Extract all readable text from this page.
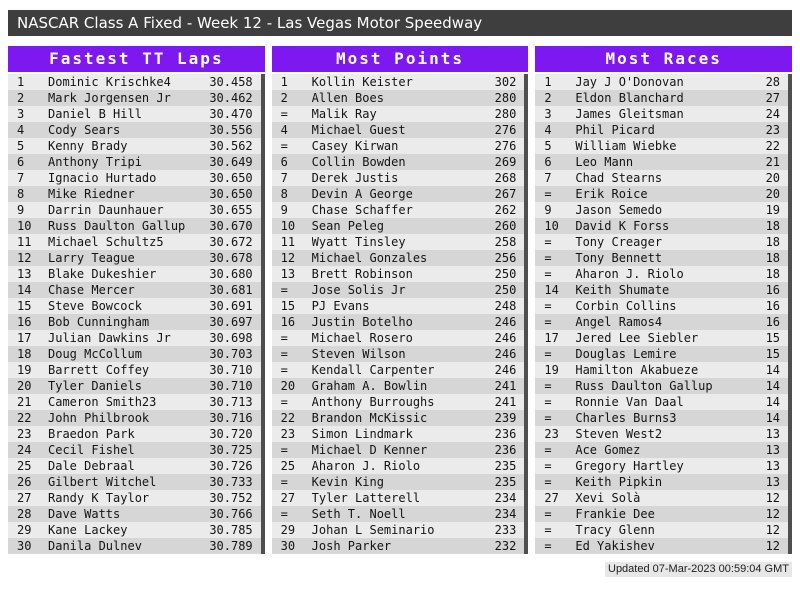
NASCAR Class A Fixed - Week 12 - Las Vegas Motor Speedway
Fastest TT Laps
1	Dominic Krischke4	30.458
2	Mark Jorgensen Jr	30.462
3	Daniel B Hill	30.470
4	Cody Sears	30.556
5	Kenny Brady	30.562
6	Anthony Tripi	30.649
7	Ignacio Hurtado	30.650
8	Mike Riedner	30.650
9	Darrin Daunhauer	30.655
10	Russ Daulton Gallup	30.670
11	Michael Schultz5	30.672
12	Larry Teague	30.678
13	Blake Dukeshier	30.680
14	Chase Mercer	30.681
15	Steve Bowcock	30.691
16	Bob Cunningham	30.697
17	Julian Dawkins Jr	30.698
18	Doug McCollum	30.703
19	Barrett Coffey	30.710
20	Tyler Daniels	30.710
21	Cameron Smith23	30.713
22	John Philbrook	30.716
23	Braedon Park	30.720
24	Cecil Fishel	30.725
25	Dale Debraal	30.726
26	Gilbert Witchel	30.733
27	Randy K Taylor	30.752
28	Dave Watts	30.766
29	Kane Lackey	30.785
30	Danila Dulnev	30.789
Most Points
1	Kollin Keister	302
2	Allen Boes	280
=	Malik Ray	280
4	Michael Guest	276
=	Casey Kirwan	276
6	Collin Bowden	269
7	Derek Justis	268
8	Devin A George	267
9	Chase Schaffer	262
10	Sean Peleg	260
11	Wyatt Tinsley	258
12	Michael Gonzales	256
13	Brett Robinson	250
=	Jose Solis Jr	250
15	PJ Evans	248
16	Justin Botelho	246
=	Michael Rosero	246
=	Steven Wilson	246
=	Kendall Carpenter	246
20	Graham A. Bowlin	241
=	Anthony Burroughs	241
22	Brandon McKissic	239
23	Simon Lindmark	236
=	Michael D Kenner	236
25	Aharon J. Riolo	235
=	Kevin King	235
27	Tyler Latterell	234
=	Seth T. Noell	234
29	Johan L Seminario	233
30	Josh Parker	232
Most Races
1	Jay J O'Donovan	28
2	Eldon Blanchard	27
3	James Gleitsman	24
4	Phil Picard	23
5	William Wiebke	22
6	Leo Mann	21
7	Chad Stearns	20
=	Erik Roice	20
9	Jason Semedo	19
10	David K Forss	18
=	Tony Creager	18
=	Tony Bennett	18
=	Aharon J. Riolo	18
14	Keith Shumate	16
=	Corbin Collins	16
=	Angel Ramos4	16
17	Jered Lee Siebler	15
=	Douglas Lemire	15
19	Hamilton Akabueze	14
=	Russ Daulton Gallup	14
=	Ronnie Van Daal	14
=	Charles Burns3	14
23	Steven West2	13
=	Ace Gomez	13
=	Gregory Hartley	13
=	Keith Pipkin	13
27	Xevi Solà	12
=	Frankie Dee	12
=	Tracy Glenn	12
=	Ed Yakishev	12
Updated 07-Mar-2023 00:59:04 GMT
